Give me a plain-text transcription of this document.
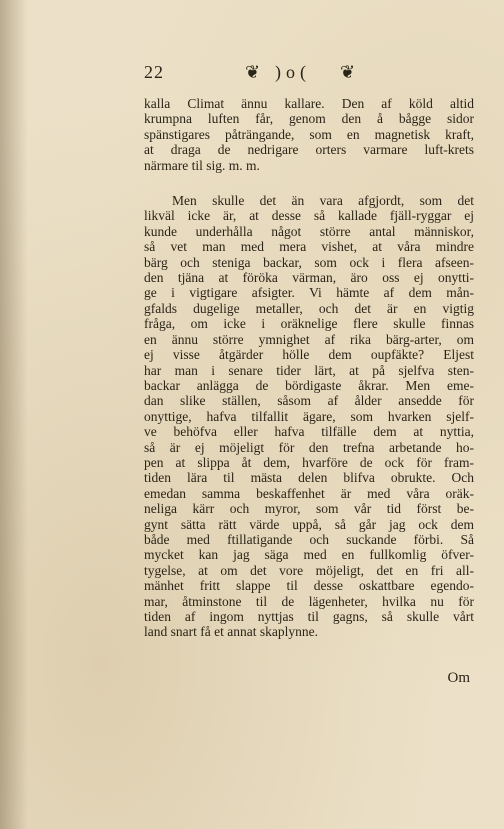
22	❦ )o( ❦
kalla Climat ännu kallare. Den af köld altid
krumpna luften får, genom den å bågge sidor
spänstigares påträngande, som en magnetisk kraft,
at draga de nedrigare orters varmare luft-krets
närmare til sig. m. m.
Men skulle det än vara afgjordt, som det
likväl icke är, at desse så kallade fjäll-ryggar ej
kunde underhålla något större antal människor,
så vet man med mera vishet, at våra mindre
bärg och stenigа backar, som ock i flera afseen-
den tjäna at föröka värman, äro oss ej onytti-
ge i vigtigare afsigter. Vi hämte af dem mån-
gfalds dugelige metaller, och det är en vigtig
fråga, om icke i oräknelige flere skulle finnas
en ännu större ymnighet af rika bärg-arter, om
ej vissе åtgärder hölle dem oupfäkte? Eljest
har man i senare tider lärt, at på sjelfva sten-
backar anlägga de bördigaste åkrar. Men eme-
dan slike ställen, såsom af ålder ansedde för
onyttige, hafva tilfallit ägare, som hvarken sjelf-
ve behöfva eller hafva tilfälle dem at nyttia,
så är ej möjeligt för den trefna arbetande ho-
pen at slippa åt dem, hvarföre de ock för fram-
tiden lära til mästa delen blifva obrukte. Och
emedan samma beskaffenhet är med våra oräk-
neliga kärr och myror, som vår tid först be-
gynt sätta rätt värde uppå, så går jag ock dem
både med ftillatigande och suckande förbi. Så
mycket kan jag säga med en fullkomlig öfver-
tygelse, at om det vore möjeligt, det en fri all-
mänhet fritt slappe til desse oskattbare egendo-
mar, åtminstone til de lägenheter, hvilka nu för
tiden af ingom nyttjas til gagns, så skulle vårt
land snart få et annat skaplynne.
Om
